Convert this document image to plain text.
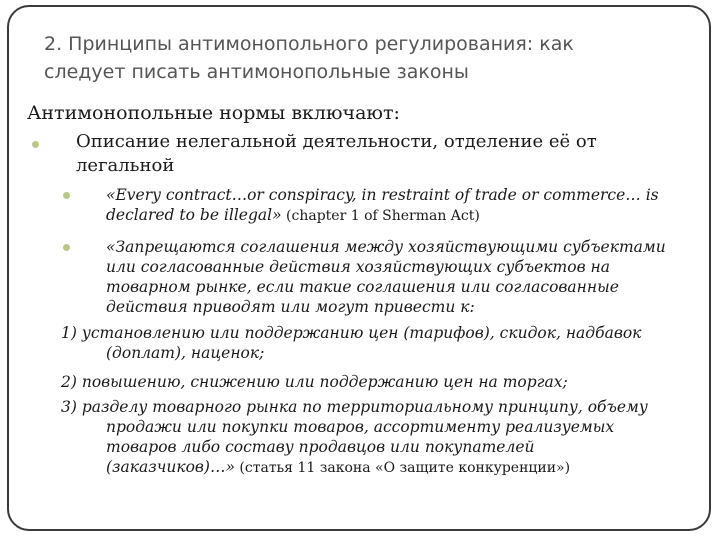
2. Принципы антимонопольного регулирования: как
следует писать антимонопольные законы
Антимонопольные нормы включают:
Описание нелегальной деятельности, отделение её от
легальной
«Every contract…or conspiracy, in restraint of trade or commerce… is
declared to be illegal» (chapter 1 of Sherman Act)
«Запрещаются соглашения между хозяйствующими субъектами
или согласованные действия хозяйствующих субъектов на
товарном рынке, если такие соглашения или согласованные
действия приводят или могут привести к:
1) установлению или поддержанию цен (тарифов), скидок, надбавок
(доплат), наценок;
2) повышению, снижению или поддержанию цен на торгах;
3) разделу товарного рынка по территориальному принципу, объему
продажи или покупки товаров, ассортименту реализуемых
товаров либо составу продавцов или покупателей
(заказчиков)…» (статья 11 закона «О защите конкуренции»)
